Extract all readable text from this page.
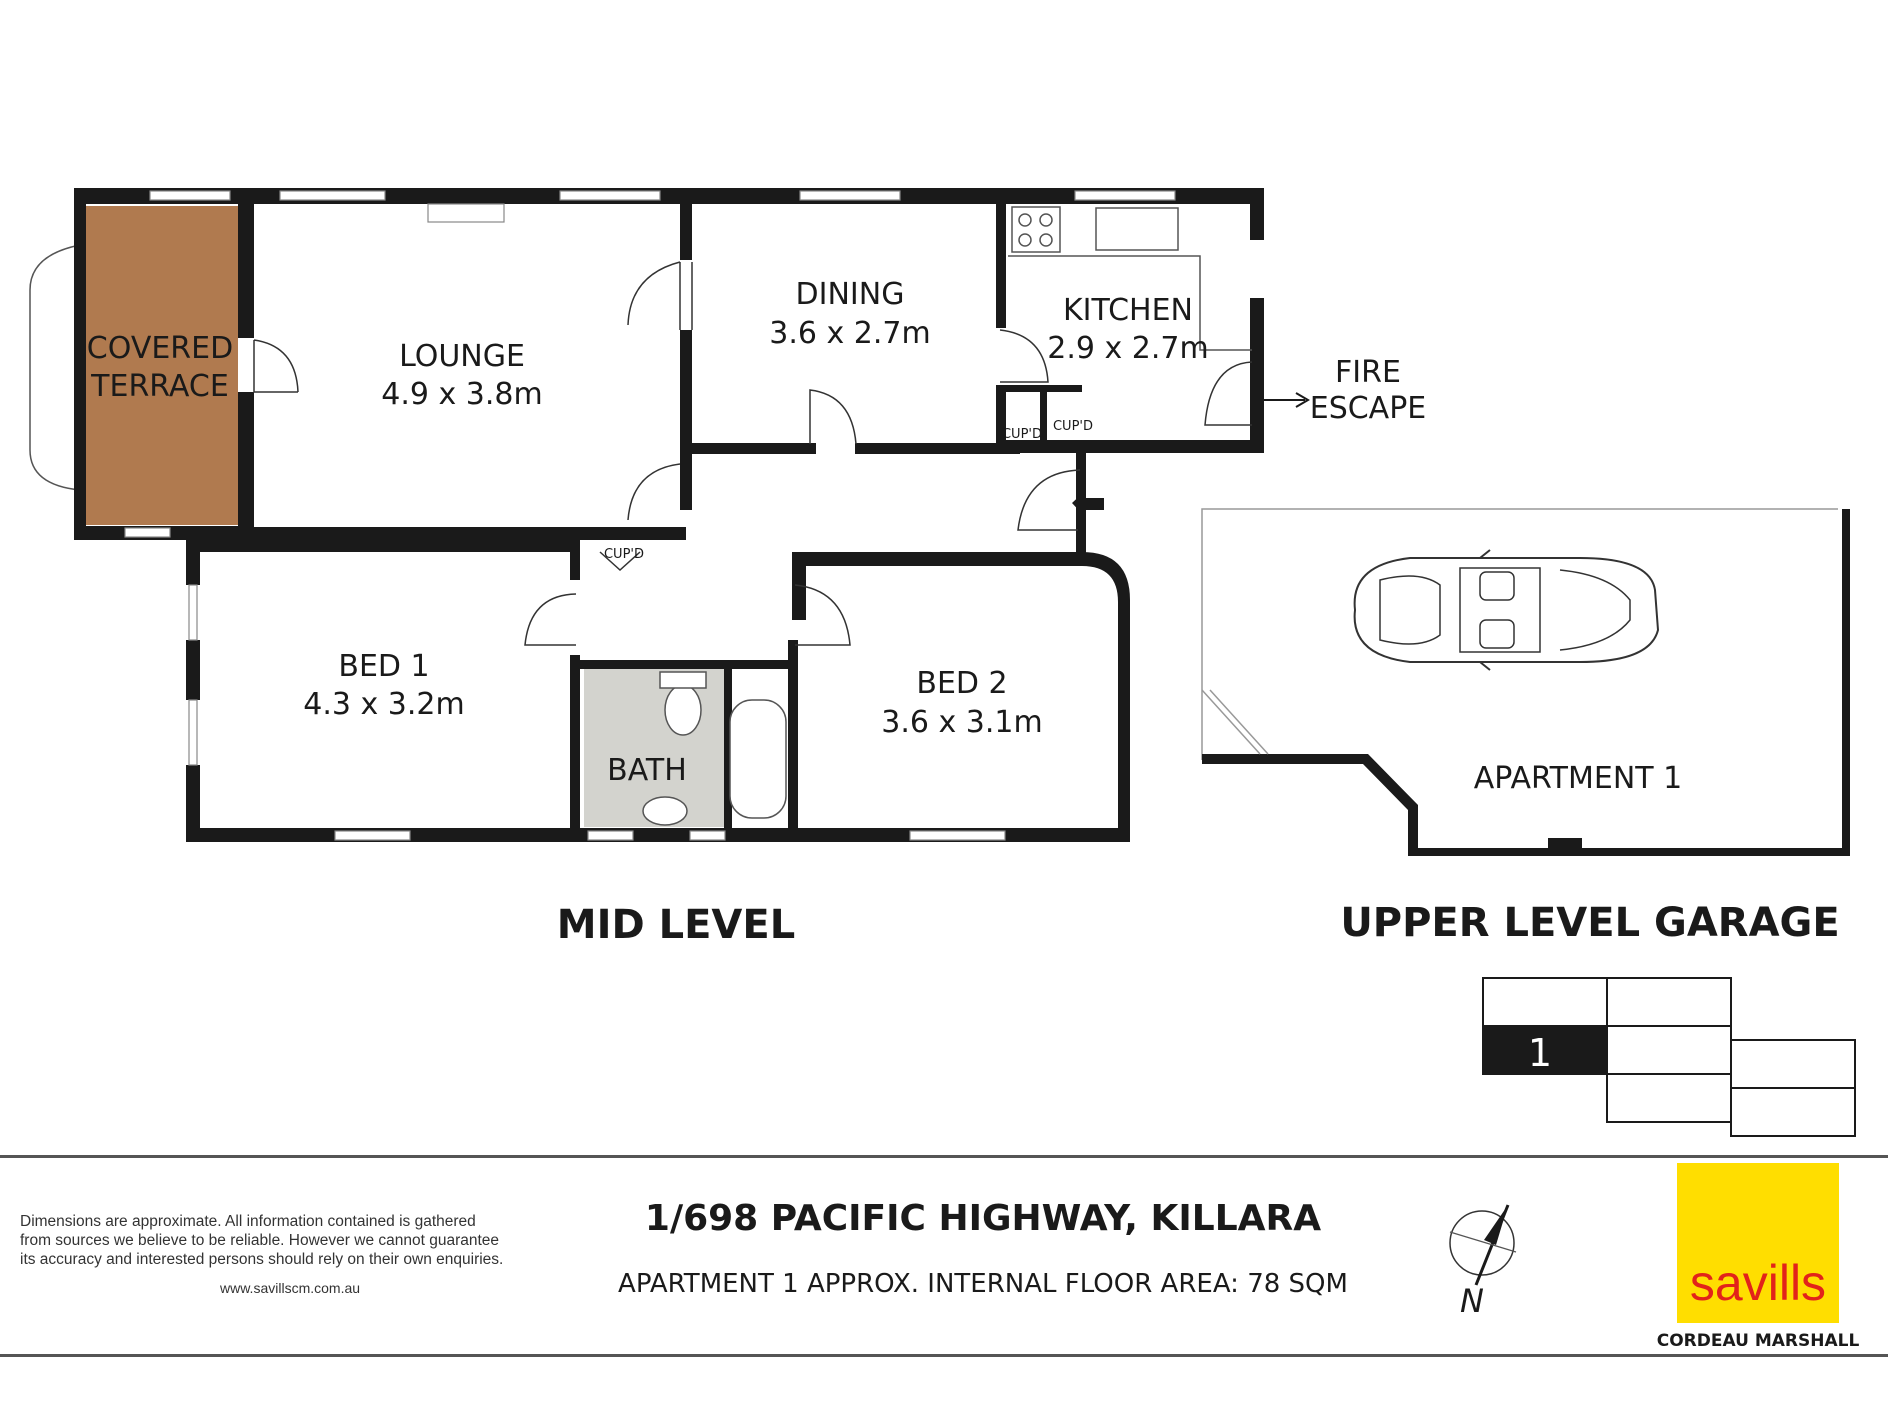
COVERED
TERRACE
LOUNGE
4.9 x 3.8m
DINING
3.6 x 2.7m
KITCHEN
2.9 x 2.7m
FIRE
ESCAPE
BED 1
4.3 x 3.2m
BED 2
3.6 x 3.1m
BATH
CUP'D
CUP'D
CUP'D
MID LEVEL
APARTMENT 1
UPPER LEVEL GARAGE
1
Dimensions are approximate. All information contained is gathered
from sources we believe to be reliable. However we cannot guarantee
its accuracy and interested persons should rely on their own enquiries.
www.savillscm.com.au
1/698 PACIFIC HIGHWAY, KILLARA
APARTMENT 1 APPROX. INTERNAL FLOOR AREA: 78 SQM	N	savills
CORDEAU MARSHALL
